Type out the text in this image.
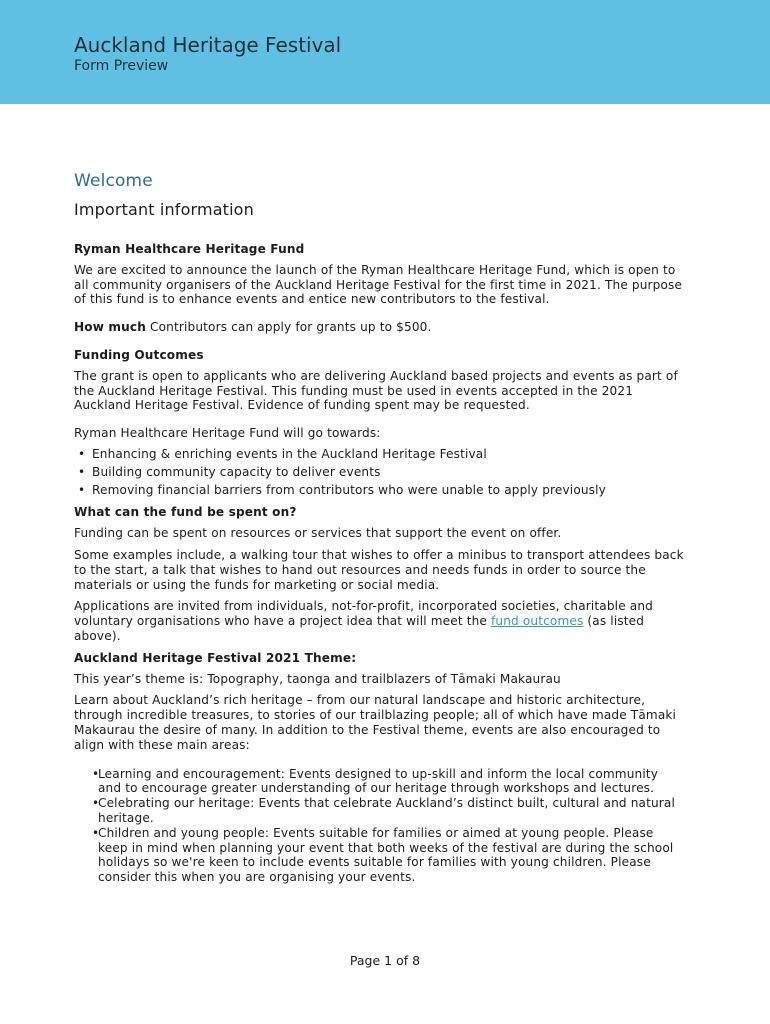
Auckland Heritage Festival
Form Preview
Welcome
Important information
Ryman Healthcare Heritage Fund
We are excited to announce the launch of the Ryman Healthcare Heritage Fund, which is open to all community organisers of the Auckland Heritage Festival for the first time in 2021. The purpose of this fund is to enhance events and entice new contributors to the festival.
How much Contributors can apply for grants up to $500.
Funding Outcomes
The grant is open to applicants who are delivering Auckland based projects and events as part of the Auckland Heritage Festival. This funding must be used in events accepted in the 2021 Auckland Heritage Festival. Evidence of funding spent may be requested.
Ryman Healthcare Heritage Fund will go towards:
• Enhancing & enriching events in the Auckland Heritage Festival
• Building community capacity to deliver events
• Removing financial barriers from contributors who were unable to apply previously
What can the fund be spent on?
Funding can be spent on resources or services that support the event on offer.
Some examples include, a walking tour that wishes to offer a minibus to transport attendees back to the start, a talk that wishes to hand out resources and needs funds in order to source the materials or using the funds for marketing or social media.
Applications are invited from individuals, not-for-profit, incorporated societies, charitable and voluntary organisations who have a project idea that will meet the fund outcomes (as listed above).
Auckland Heritage Festival 2021 Theme:
This year’s theme is: Topography, taonga and trailblazers of Tāmaki Makaurau
Learn about Auckland’s rich heritage – from our natural landscape and historic architecture, through incredible treasures, to stories of our trailblazing people; all of which have made Tāmaki Makaurau the desire of many. In addition to the Festival theme, events are also encouraged to align with these main areas:
• Learning and encouragement: Events designed to up-skill and inform the local community and to encourage greater understanding of our heritage through workshops and lectures.
• Celebrating our heritage: Events that celebrate Auckland’s distinct built, cultural and natural heritage.
• Children and young people: Events suitable for families or aimed at young people. Please keep in mind when planning your event that both weeks of the festival are during the school holidays so we're keen to include events suitable for families with young children. Please consider this when you are organising your events.
Page 1 of 8
